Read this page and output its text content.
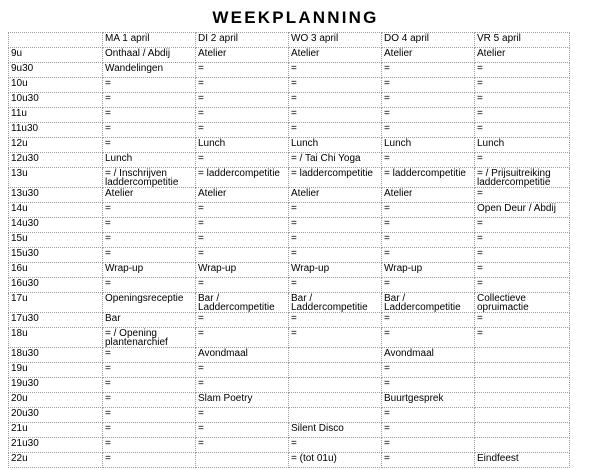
WEEKPLANNING
	MA 1 april	DI 2 april	WO 3 april	DO 4 april	VR 5 april
9u	Onthaal / Abdij	Atelier	Atelier	Atelier	Atelier
9u30	Wandelingen	=	=	=	=
10u	=	=	=	=	=
10u30	=	=	=	=	=
11u	=	=	=	=	=
11u30	=	=	=	=	=
12u	=	Lunch	Lunch	Lunch	Lunch
12u30	Lunch	=	= / Tai Chi Yoga	=	=
13u	= / Inschrijven laddercompetitie	= laddercompetitie	= laddercompetitie	= laddercompetitie	= / Prijsuitreiking laddercompetitie
13u30	Atelier	Atelier	Atelier	Atelier	=
14u	=	=	=	=	Open Deur / Abdij
14u30	=	=	=	=	=
15u	=	=	=	=	=
15u30	=	=	=	=	=
16u	Wrap-up	Wrap-up	Wrap-up	Wrap-up	=
16u30	=	=	=	=	=
17u	Openingsreceptie	Bar / Laddercompetitie	Bar / Laddercompetitie	Bar / Laddercompetitie	Collectieve opruimactie
17u30	Bar	=	=	=	=
18u	= / Opening plantenarchief	=	=	=	=
18u30	=	Avondmaal		Avondmaal	
19u	=	=		=	
19u30	=	=		=	
20u	=	Slam Poetry		Buurtgesprek	
20u30	=	=		=	
21u	=	=	Silent Disco	=	
21u30	=	=	=	=	
22u	=		= (tot 01u)	=	Eindfeest
